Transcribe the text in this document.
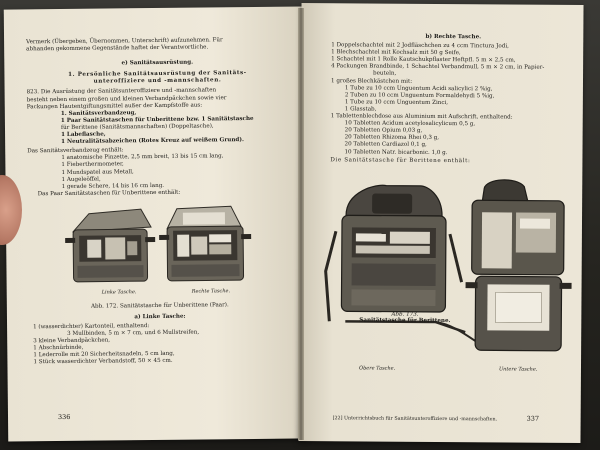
Vermerk (Übergeben, Übernommen, Unterschrift) aufzunehmen. Für
abhanden gekommene Gegenstände haftet der Verantwortliche.
e) Sanitätsausrüstung.
1. Persönliche Sanitätsausrüstung der Sanitäts-
unteroffiziere und -mannschaften.
823. Die Ausrüstung der Sanitätsunteroffiziere und -mannschaften
besteht neben einem großen und kleinen Verbandpäckchen sowie vier
Packungen Hautentgiftungsmittel außer der Kampfstoffe aus:
1. Sanitätsverbandzeug,
1 Paar Sanitätstaschen für Unberittene bzw. 1 Sanitätstasche
für Berittene (Sanitätsmannschaften) (Doppeltasche),
1 Labeflasche,
1 Neutralitätsabzeichen (Rotes Kreuz auf weißem Grund).
Das Sanitätsverbandzeug enthält:
1 anatomische Pinzette, 2,5 mm breit, 13 bis 15 cm lang,
1 Fieberthermometer,
1 Mundspatel aus Metall,
1 Augeleöffel,
1 gerade Schere, 14 bis 16 cm lang.
Das Paar Sanitätstaschen für Unberittene enthält:
Linke Tasche.	Rechte Tasche.
Abb. 172. Sanitätstasche für Unberittene (Paar).
a) Linke Tasche:
1 (wasserdichter) Kartonteil, enthaltend:
3 Mullbinden, 5 m × 7 cm, und 6 Mullstreifen,
3 kleine Verbandpäckchen,
1 Abschnürbinde,
1 Lederrolle mit 20 Sicherheitsnadeln, 5 cm lang,
1 Stück wasserdichter Verbandstoff, 50 × 45 cm.
336
b) Rechte Tasche.
1 Doppelschachtel mit 2 Jodfläschchen zu 4 ccm Tinctura Jodi,
1 Blechschachtel mit Kochsalz mit 50 g Seife,
1 Schachtel mit 1 Rolle Kautschukpflaster Heftpfl. 5 m × 2,5 cm,
4 Packungen Brandbinde, 1 Schachtel Verbandmull, 5 m × 2 cm, in Papier-
beuteln,
1 großes Blechkästchen mit:
1 Tube zu 10 ccm Unguentum Acidi salicylici 2 %ig,
2 Tuben zu 10 ccm Unguentum Formaldehydi 5 %ig,
1 Tube zu 10 ccm Unguentum Zinci,
1 Glasstab,
1 Tablettenblechdose aus Aluminium mit Aufschrift, enthaltend:
10 Tabletten Acidum acetylosalicylicum 0,5 g,
20 Tabletten Opium 0,03 g,
20 Tabletten Rhizoma Rhei 0,3 g,
20 Tabletten Cardiazol 0,1 g,
10 Tabletten Natr. bicarbonic. 1,0 g.
Die Sanitätstasche für Berittene enthält:
Abb. 173.
Sanitätstasche für Berittene.
Obere Tasche.	Untere Tasche.
[22] Unterrichtsbuch für Sanitätsunteroffiziere und -mannschaften.	337
